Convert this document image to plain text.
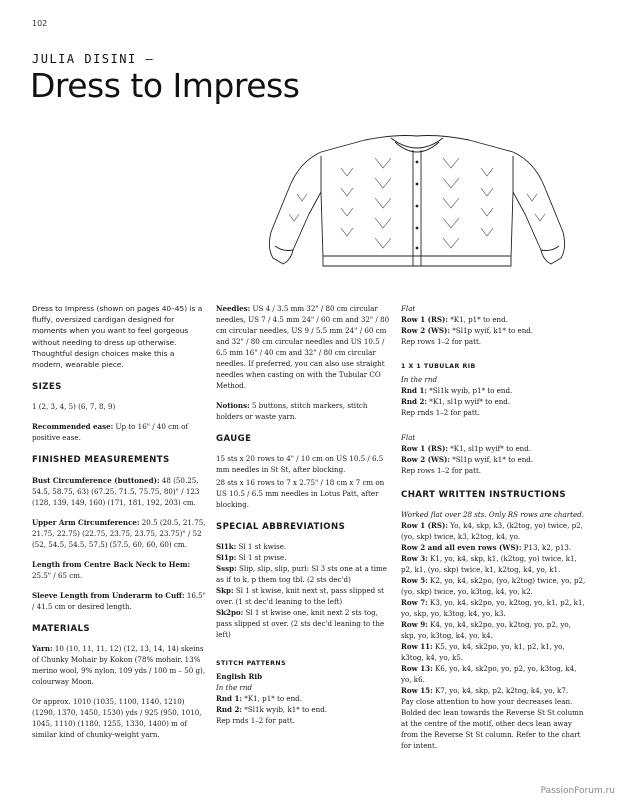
102
JULIA DISINI –
Dress to Impress

Dress to Impress (shown on pages 40–45) is a fluffy, oversized cardigan designed for moments when you want to feel gorgeous without needing to dress up otherwise. Thoughtful design choices make this a modern, wearable piece.

SIZES

1 (2, 3, 4, 5) (6, 7, 8, 9)

Recommended ease: Up to 16" / 40 cm of positive ease.

FINISHED MEASUREMENTS

Bust Circumference (buttoned): 48 (50.25, 54.5, 58.75, 63) (67.25, 71.5, 75.75, 80)" / 123 (128, 139, 149, 160) (171, 181, 192, 203) cm.

Upper Arm Circumference: 20.5 (20.5, 21.75, 21.75, 22.75) (22.75, 23.75, 23.75, 23.75)" / 52 (52, 54.5, 54.5, 57.5) (57.5, 60, 60, 60) cm.

Length from Centre Back Neck to Hem: 25.5" / 65 cm.

Sleeve Length from Underarm to Cuff: 16.5" / 41.5 cm or desired length.

MATERIALS

Yarn: 10 (10, 11, 11, 12) (12, 13, 14, 14) skeins of Chunky Mohair by Kokon (78% mohair, 13% merino wool, 9% nylon, 109 yds / 100 m – 50 g), colourway Moon.

Or approx. 1010 (1035, 1100, 1140, 1210) (1290, 1370, 1450, 1530) yds / 925 (950, 1010, 1045, 1110) (1180, 1255, 1330, 1400) m of similar kind of chunky-weight yarn.

Needles: US 4 / 3.5 mm 32" / 80 cm circular needles, US 7 / 4.5 mm 24" / 60 cm and 32" / 80 cm circular needles, US 9 / 5.5 mm 24" / 60 cm and 32" / 80 cm circular needles and US 10.5 / 6.5 mm 16" / 40 cm and 32" / 80 cm circular needles. If preferred, you can also use straight needles when casting on with the Tubular CO Method.

Notions: 5 buttons, stitch markers, stitch holders or waste yarn.

GAUGE

15 sts x 20 rows to 4" / 10 cm on US 10.5 / 6.5 mm needles in St St, after blocking.

28 sts x 16 rows to 7 x 2.75" / 18 cm x 7 cm on US 10.5 / 6.5 mm needles in Lotus Patt, after blocking.

SPECIAL ABBREVIATIONS
Sl1k: Sl 1 st kwise.
Sl1p: Sl 1 st pwise.
Sssp: Slip, slip, slip, purl: Sl 3 sts one at a time as if to k, p them tog tbl. (2 sts dec'd)
Skp: Sl 1 st kwise, knit next st, pass slipped st over. (1 st dec'd leaning to the left)
Sk2po: Sl 1 st kwise one, knit next 2 sts tog, pass slipped st over. (2 sts dec'd leaning to the left)
STITCH PATTERNS
English Rib
In the rnd
Rnd 1: *K1, p1* to end.
Rnd 2: *Sl1k wyib, k1* to end.
Rep rnds 1–2 for patt.
Flat
Row 1 (RS): *K1, p1* to end.
Row 2 (WS): *Sl1p wyif, k1* to end.
Rep rows 1–2 for patt.
1 X 1 TUBULAR RIB
In the rnd
Rnd 1: *Sl1k wyib, p1* to end.
Rnd 2: *K1, sl1p wyif* to end.
Rep rnds 1–2 for patt.
Flat
Row 1 (RS): *K1, sl1p wyif* to end.
Row 2 (WS): *Sl1p wyif, k1* to end.
Rep rows 1–2 for patt.
CHART WRITTEN INSTRUCTIONS
Worked flat over 28 sts. Only RS rows are charted.
Row 1 (RS): Yo, k4, skp, k3, (k2tog, yo) twice, p2, (yo, skp) twice, k3, k2tog, k4, yo.
Row 2 and all even rows (WS): P13, k2, p13.
Row 3: K1, yo, k4, skp, k1, (k2tog, yo) twice, k1, p2, k1, (yo, skp) twice, k1, k2tog, k4, yo, k1.
Row 5: K2, yo, k4, sk2po, (yo, k2tog) twice, yo, p2, (yo, skp) twice, yo, k3tog, k4, yo, k2.
Row 7: K3, yo, k4, sk2po, yo, k2tog, yo, k1, p2, k1, yo, skp, yo, k3tog, k4, yo, k3.
Row 9: K4, yo, k4, sk2po, yo, k2tog, yo, p2, yo, skp, yo, k3tog, k4, yo, k4.
Row 11: K5, yo, k4, sk2po, yo, k1, p2, k1, yo, k3tog, k4, yo, k5.
Row 13: K6, yo, k4, sk2po, yo, p2, yo, k3tog, k4, yo, k6.
Row 15: K7, yo, k4, skp, p2, k2tog, k4, yo, k7.
Pay close attention to how your decreases lean. Bolded dec lean towards the Reverse St St column at the centre of the motif, other decs lean away from the Reverse St St column. Refer to the chart for intent.
PassionForum.ru
